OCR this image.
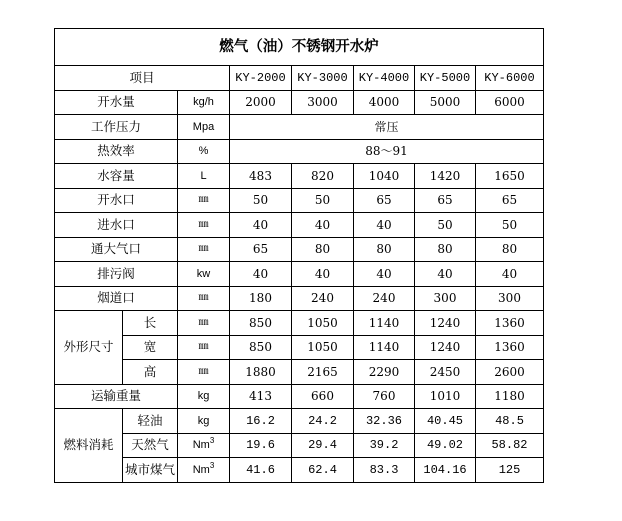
燃气（油）不锈钢开水炉							
项目			KY-2000	KY-3000	KY-4000	KY-5000	KY-6000
开水量		kg/h	2000	3000	4000	5000	6000
工作压力		Mpa	常压				
热效率		%	88～91				
水容量		L	483	820	1040	1420	1650
开水口		㎜	50	50	65	65	65
进水口		㎜	40	40	40	50	50
通大气口		㎜	65	80	80	80	80
排污阀		kw	40	40	40	40	40
烟道口		㎜	180	240	240	300	300
外形尺寸	长	㎜	850	1050	1140	1240	1360
	宽	㎜	850	1050	1140	1240	1360
	高	㎜	1880	2165	2290	2450	2600
运输重量		kg	413	660	760	1010	1180
燃料消耗	轻油	kg	16.2	24.2	32.36	40.45	48.5
	天然气	Nm$^3$	19.6	29.4	39.2	49.02	58.82
	城市煤气	Nm$^3$	41.6	62.4	83.3	104.16	125
